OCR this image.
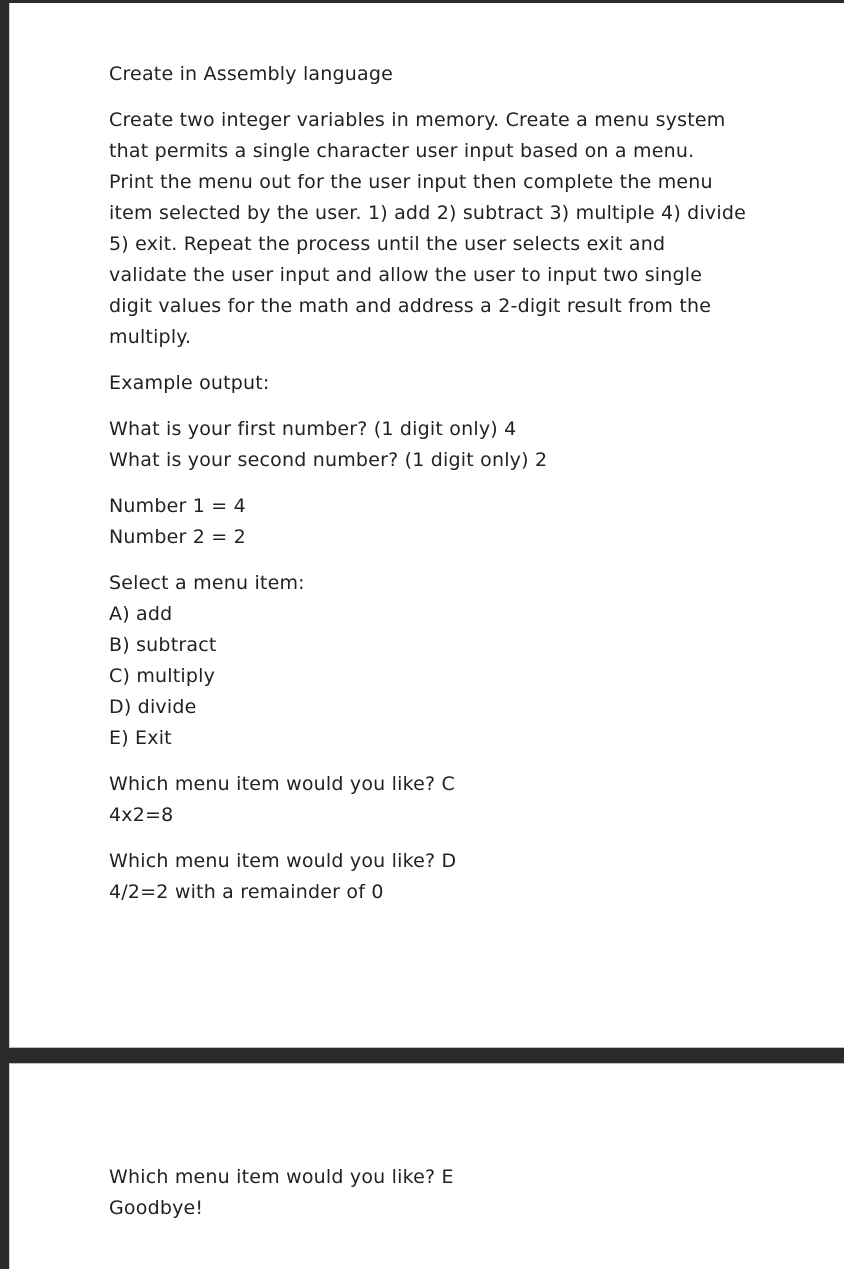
Create in Assembly language

Create two integer variables in memory. Create a menu system
that permits a single character user input based on a menu.
Print the menu out for the user input then complete the menu
item selected by the user. 1) add 2) subtract 3) multiple 4) divide
5) exit. Repeat the process until the user selects exit and
validate the user input and allow the user to input two single
digit values for the math and address a 2-digit result from the
multiply.

Example output:

What is your first number? (1 digit only) 4
What is your second number? (1 digit only) 2

Number 1 = 4
Number 2 = 2

Select a menu item:
A) add
B) subtract
C) multiply
D) divide
E) Exit

Which menu item would you like? C
4x2=8

Which menu item would you like? D
4/2=2 with a remainder of 0

Which menu item would you like? E
Goodbye!
